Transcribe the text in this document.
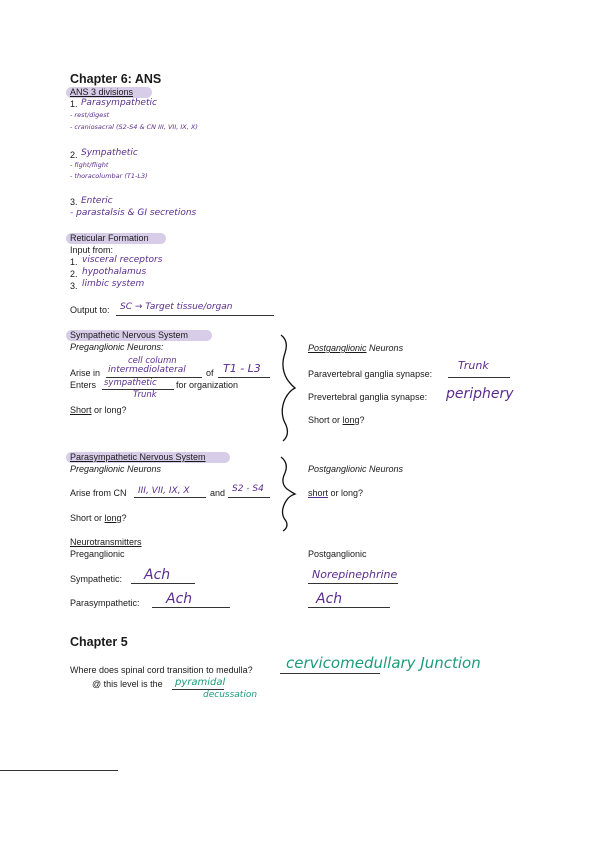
Chapter 6: ANS
ANS 3 divisions
1. Parasympathetic
- rest/digest
- craniosacral (S2-S4 & CN III, VII, IX, X)
2. Sympathetic
- fight/flight
- thoracolumbar (T1-L3)
3. Enteric
- parastalsis & GI secretions
Reticular Formation
Input from:
1. visceral receptors
2. hypothalamus
3. limbic system
Output to: SC → Target tissue/organ
Sympathetic Nervous System
Preganglionic Neurons:
cell column
Arise in intermediolateral of T1 - L3
Enters sympathetic for organization
Trunk
Short or long?
Postganglionic Neurons
Paravertebral ganglia synapse:
Trunk
Prevertebral ganglia synapse: periphery
Short or long?
Parasympathetic Nervous System
Preganglionic Neurons
Arise from CN III, VII, IX, X and S2 - S4
Short or long?
Postganglionic Neurons
short or long?
Neurotransmitters
Preganglionic	Postganglionic
Sympathetic: Ach	Norepinephrine
Parasympathetic: Ach	Ach
Chapter 5
Where does spinal cord transition to medulla? cervicomedullary Junction
@ this level is the pyramidal
decussation
